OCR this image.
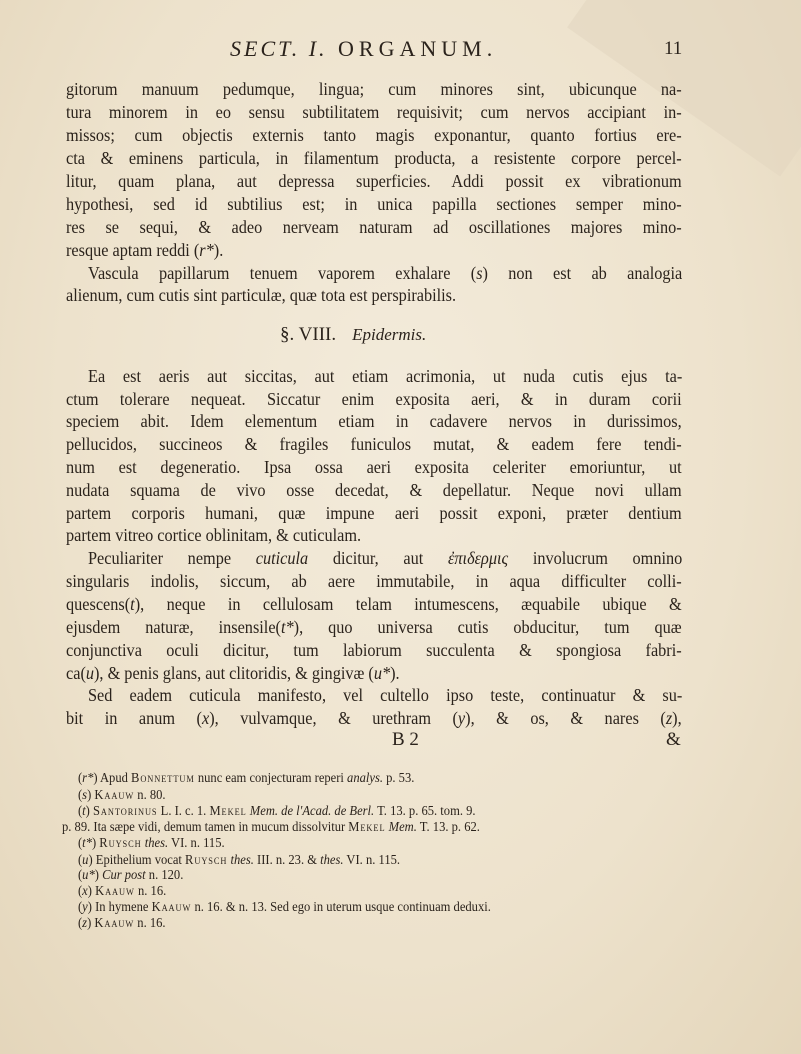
SECT. I. ORGANUM.	11
§. VIII. Epidermis.
B 2	&
gitorum manuum pedumque, lingua; cum minores sint, ubicunque na-
tura minorem in eo sensu subtilitatem requisivit; cum nervos accipiant in-
missos; cum objectis externis tanto magis exponantur, quanto fortius ere-
cta & eminens particula, in filamentum producta, a resistente corpore percel-
litur, quam plana, aut depressa superficies. Addi possit ex vibrationum
hypothesi, sed id subtilius est; in unica papilla sectiones semper mino-
res se sequi, & adeo nerveam naturam ad oscillationes majores mino-
resque aptam reddi (r*).
Vascula papillarum tenuem vaporem exhalare (s) non est ab analogia
alienum, cum cutis sint particulæ, quæ tota est perspirabilis.
Ea est aeris aut siccitas, aut etiam acrimonia, ut nuda cutis ejus ta-
ctum tolerare nequeat. Siccatur enim exposita aeri, & in duram corii
speciem abit. Idem elementum etiam in cadavere nervos in durissimos,
pellucidos, succineos & fragiles funiculos mutat, & eadem fere tendi-
num est degeneratio. Ipsa ossa aeri exposita celeriter emoriuntur, ut
nudata squama de vivo osse decedat, & depellatur. Neque novi ullam
partem corporis humani, quæ impune aeri possit exponi, præter dentium
partem vitreo cortice oblinitam, & cuticulam.
Peculiariter nempe cuticula dicitur, aut ἐπιδερμις involucrum omnino
singularis indolis, siccum, ab aere immutabile, in aqua difficulter colli-
quescens(t), neque in cellulosam telam intumescens, æquabile ubique &
ejusdem naturæ, insensile(t*), quo universa cutis obducitur, tum quæ
conjunctiva oculi dicitur, tum labiorum succulenta & spongiosa fabri-
ca(u), & penis glans, aut clitoridis, & gingivæ (u*).
Sed eadem cuticula manifesto, vel cultello ipso teste, continuatur & su-
bit in anum (x), vulvamque, & urethram (y), & os, & nares (z),
(r*) Apud Bonnettum nunc eam conjecturam reperi analys. p. 53.
(s) Kaauw n. 80.
(t) Santorinus L. I. c. 1. Mekel Mem. de l'Acad. de Berl. T. 13. p. 65. tom. 9.
p. 89. Ita sæpe vidi, demum tamen in mucum dissolvitur Mekel Mem. T. 13. p. 62.
(t*) Ruysch thes. VI. n. 115.
(u) Epithelium vocat Ruysch thes. III. n. 23. & thes. VI. n. 115.
(u*) Cur post n. 120.
(x) Kaauw n. 16.
(y) In hymene Kaauw n. 16. & n. 13. Sed ego in uterum usque continuam deduxi.
(z) Kaauw n. 16.
